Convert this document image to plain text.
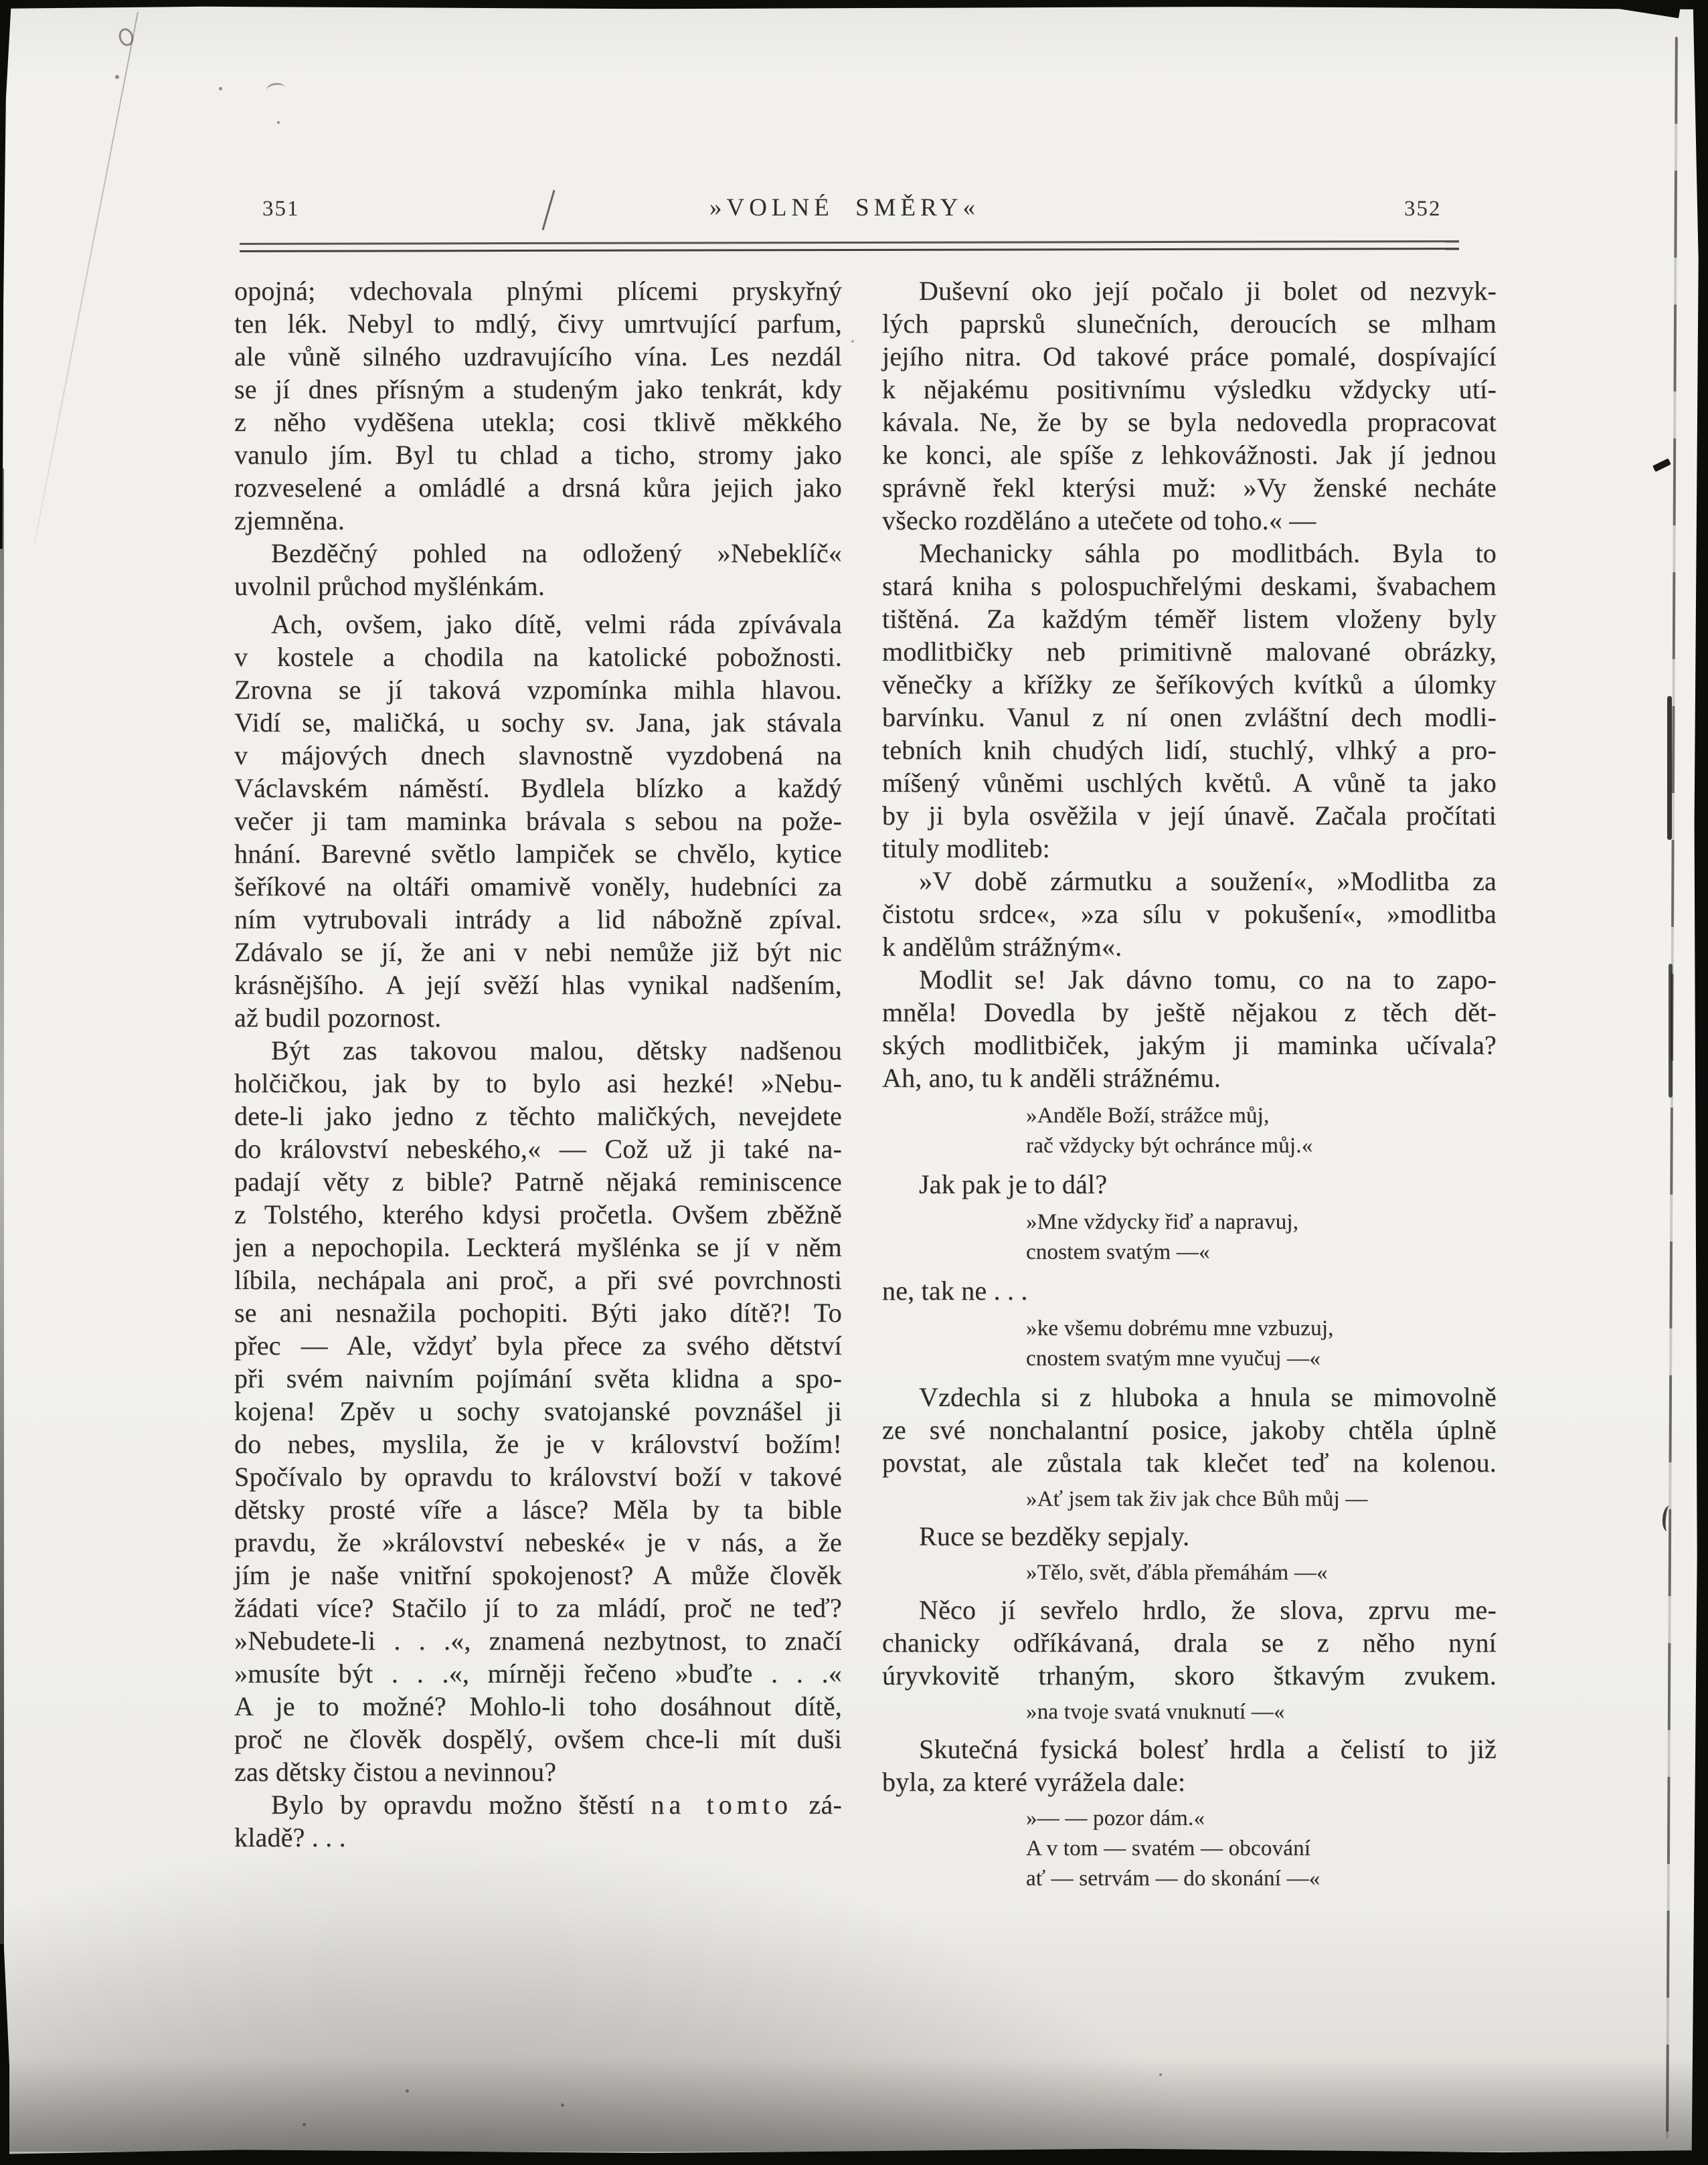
351	»VOLNÉ SMĚRY«	352
opojná; vdechovala plnými plícemi pryskyřný
ten lék. Nebyl to mdlý, čivy umrtvující parfum,
ale vůně silného uzdravujícího vína. Les nezdál
se jí dnes přísným a studeným jako tenkrát, kdy
z něho vyděšena utekla; cosi tklivě měkkého
vanulo jím. Byl tu chlad a ticho, stromy jako
rozveselené a omládlé a drsná kůra jejich jako
zjemněna.
Bezděčný pohled na odložený »Nebeklíč«
uvolnil průchod myšlénkám.
Ach, ovšem, jako dítě, velmi ráda zpívávala
v kostele a chodila na katolické pobožnosti.
Zrovna se jí taková vzpomínka mihla hlavou.
Vidí se, maličká, u sochy sv. Jana, jak stávala
v májových dnech slavnostně vyzdobená na
Václavském náměstí. Bydlela blízko a každý
večer ji tam maminka brávala s sebou na pože-
hnání. Barevné světlo lampiček se chvělo, kytice
šeříkové na oltáři omamivě voněly, hudebníci za
ním vytrubovali intrády a lid nábožně zpíval.
Zdávalo se jí, že ani v nebi nemůže již být nic
krásnějšího. A její svěží hlas vynikal nadšením,
až budil pozornost.
Být zas takovou malou, dětsky nadšenou
holčičkou, jak by to bylo asi hezké! »Nebu-
dete-li jako jedno z těchto maličkých, nevejdete
do království nebeského,« — Což už ji také na-
padají věty z bible? Patrně nějaká reminiscence
z Tolstého, kterého kdysi pročetla. Ovšem zběžně
jen a nepochopila. Leckterá myšlénka se jí v něm
líbila, nechápala ani proč, a při své povrchnosti
se ani nesnažila pochopiti. Býti jako dítě?! To
přec — Ale, vždyť byla přece za svého dětství
při svém naivním pojímání světa klidna a spo-
kojena! Zpěv u sochy svatojanské povznášel ji
do nebes, myslila, že je v království božím!
Spočívalo by opravdu to království boží v takové
dětsky prosté víře a lásce? Měla by ta bible
pravdu, že »království nebeské« je v nás, a že
jím je naše vnitřní spokojenost? A může člověk
žádati více? Stačilo jí to za mládí, proč ne teď?
»Nebudete-li . . .«, znamená nezbytnost, to značí
»musíte být . . .«, mírněji řečeno »buďte . . .«
A je to možné? Mohlo-li toho dosáhnout dítě,
proč ne člověk dospělý, ovšem chce-li mít duši
zas dětsky čistou a nevinnou?
Bylo by opravdu možno štěstí na tomto zá-
kladě? . . .
Duševní oko její počalo ji bolet od nezvyk-
lých paprsků slunečních, deroucích se mlham
jejího nitra. Od takové práce pomalé, dospívající
k nějakému positivnímu výsledku vždycky utí-
kávala. Ne, že by se byla nedovedla propracovat
ke konci, ale spíše z lehkovážnosti. Jak jí jednou
správně řekl kterýsi muž: »Vy ženské necháte
všecko rozděláno a utečete od toho.« —
Mechanicky sáhla po modlitbách. Byla to
stará kniha s polospuchřelými deskami, švabachem
tištěná. Za každým téměř listem vloženy byly
modlitbičky neb primitivně malované obrázky,
věnečky a křížky ze šeříkových kvítků a úlomky
barvínku. Vanul z ní onen zvláštní dech modli-
tebních knih chudých lidí, stuchlý, vlhký a pro-
míšený vůněmi uschlých květů. A vůně ta jako
by ji byla osvěžila v její únavě. Začala pročítati
tituly modliteb:
»V době zármutku a soužení«, »Modlitba za
čistotu srdce«, »za sílu v pokušení«, »modlitba
k andělům strážným«.
Modlit se! Jak dávno tomu, co na to zapo-
mněla! Dovedla by ještě nějakou z těch dět-
ských modlitbiček, jakým ji maminka učívala?
Ah, ano, tu k anděli strážnému.
»Anděle Boží, strážce můj,
rač vždycky být ochránce můj.«
Jak pak je to dál?
»Mne vždycky řiď a napravuj,
cnostem svatým —«
ne, tak ne . . .
»ke všemu dobrému mne vzbuzuj,
cnostem svatým mne vyučuj —«
Vzdechla si z hluboka a hnula se mimovolně
ze své nonchalantní posice, jakoby chtěla úplně
povstat, ale zůstala tak klečet teď na kolenou.
»Ať jsem tak živ jak chce Bůh můj —
Ruce se bezděky sepjaly.
»Tělo, svět, ďábla přemáhám —«
Něco jí sevřelo hrdlo, že slova, zprvu me-
chanicky odříkávaná, drala se z něho nyní
úryvkovitě trhaným, skoro štkavým zvukem.
»na tvoje svatá vnuknutí —«
Skutečná fysická bolesť hrdla a čelistí to již
byla, za které vyrážela dale:
»— — pozor dám.«
A v tom — svatém — obcování
ať — setrvám — do skonání —«
